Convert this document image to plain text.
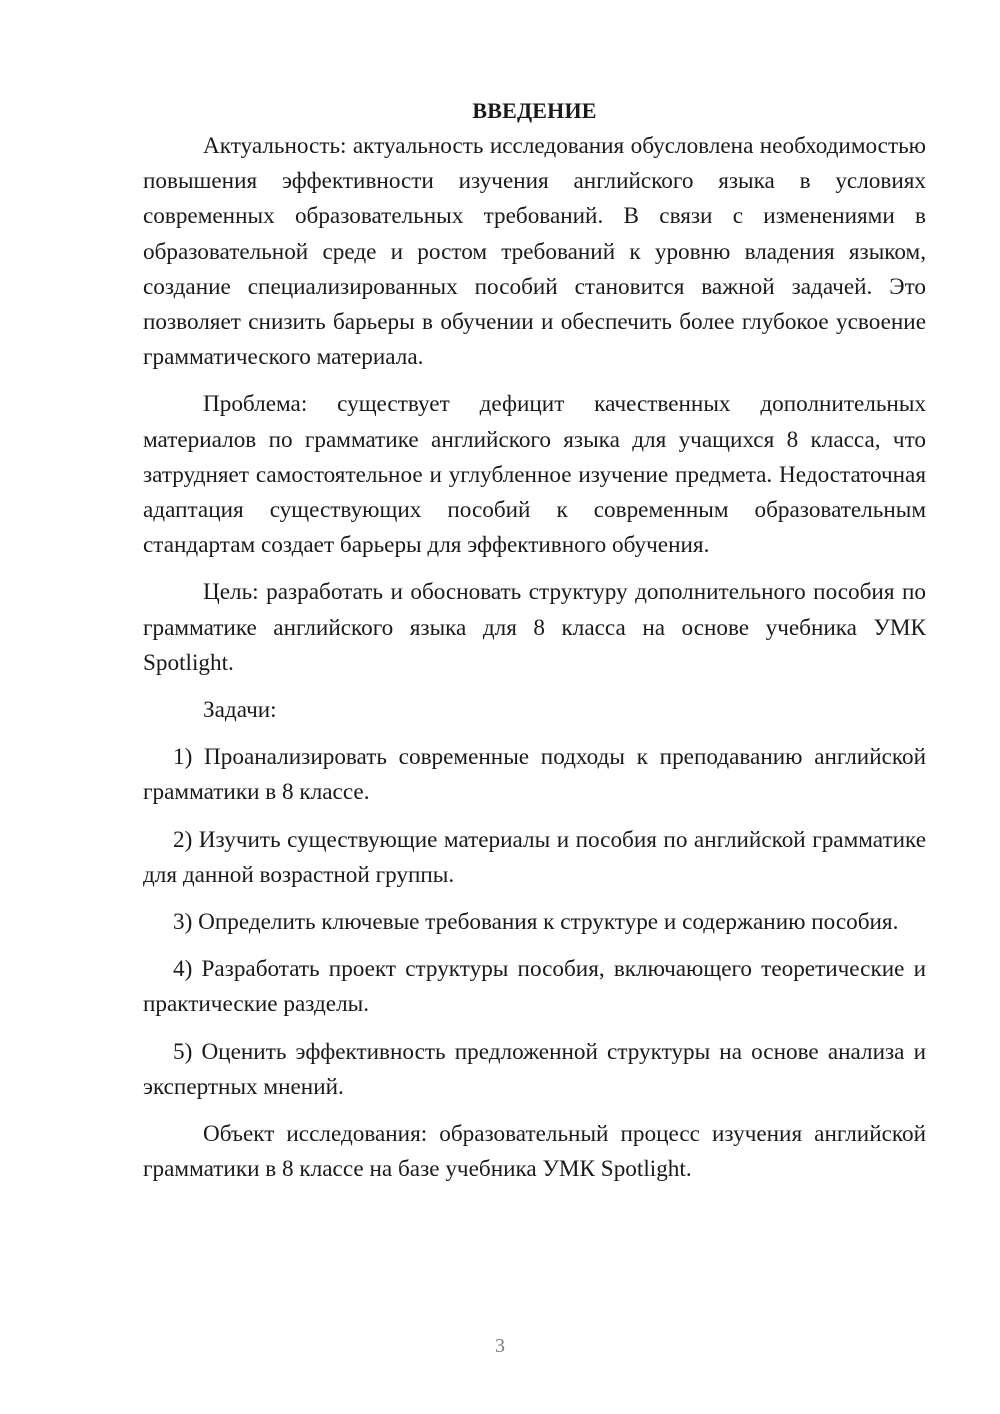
ВВЕДЕНИЕ

Актуальность: актуальность исследования обусловлена необходимостью повышения эффективности изучения английского языка в условиях современных образовательных требований. В связи с изменениями в образовательной среде и ростом требований к уровню владения языком, создание специализированных пособий становится важной задачей. Это позволяет снизить барьеры в обучении и обеспечить более глубокое усвоение грамматического материала.

Проблема: существует дефицит качественных дополнительных материалов по грамматике английского языка для учащихся 8 класса, что затрудняет самостоятельное и углубленное изучение предмета. Недостаточная адаптация существующих пособий к современным образовательным стандартам создает барьеры для эффективного обучения.

Цель: разработать и обосновать структуру дополнительного пособия по грамматике английского языка для 8 класса на основе учебника УМК Spotlight.

Задачи:

1) Проанализировать современные подходы к преподаванию английской грамматики в 8 классе.

2) Изучить существующие материалы и пособия по английской грамматике для данной возрастной группы.

3) Определить ключевые требования к структуре и содержанию пособия.

4) Разработать проект структуры пособия, включающего теоретические и практические разделы.

5) Оценить эффективность предложенной структуры на основе анализа и экспертных мнений.

Объект исследования: образовательный процесс изучения английской грамматики в 8 классе на базе учебника УМК Spotlight.

3
